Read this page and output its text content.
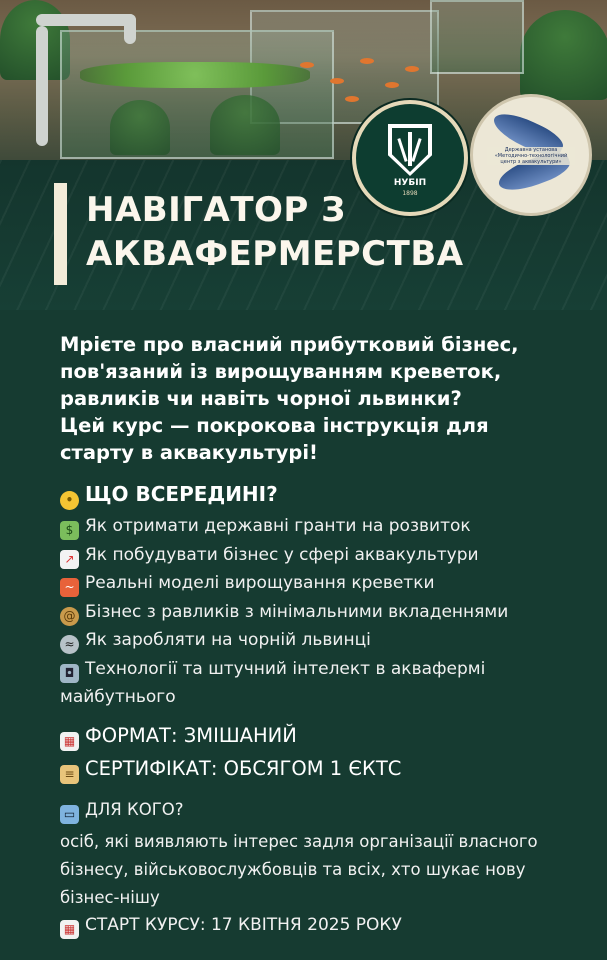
НАВІГАТОР З
АКВАФЕРМЕРСТВА
НУБІП
1898
Державна установа «Методично-технологічний центр з аквакультури»

Мрієте про власний прибутковий бізнес,

пов'язаний із вирощуванням креветок,

равликів чи навіть чорної львинки?

Цей курс — покрокова інструкція для

старту в аквакультурі!

• ЩО ВСЕРЕДИНІ?
$ Як отримати державні гранти на розвиток
↗ Як побудувати бізнес у сфері аквакультури
~ Реальні моделі вирощування креветки
@ Бізнес з равликів з мінімальними вкладеннями
≈ Як заробляти на чорній львинці
◘ Технології та штучний інтелект в аквафермі майбутнього
▦ ФОРМАТ: ЗМІШАНИЙ
≡ СЕРТИФІКАТ: ОБСЯГОМ 1 ЄКТС
▭ ДЛЯ КОГО?
осіб, які виявляють інтерес задля організації власного бізнесу, військовослужбовців та всіх, хто шукає нову бізнес-нішу
▦ СТАРТ КУРСУ: 17 КВІТНЯ 2025 РОКУ
